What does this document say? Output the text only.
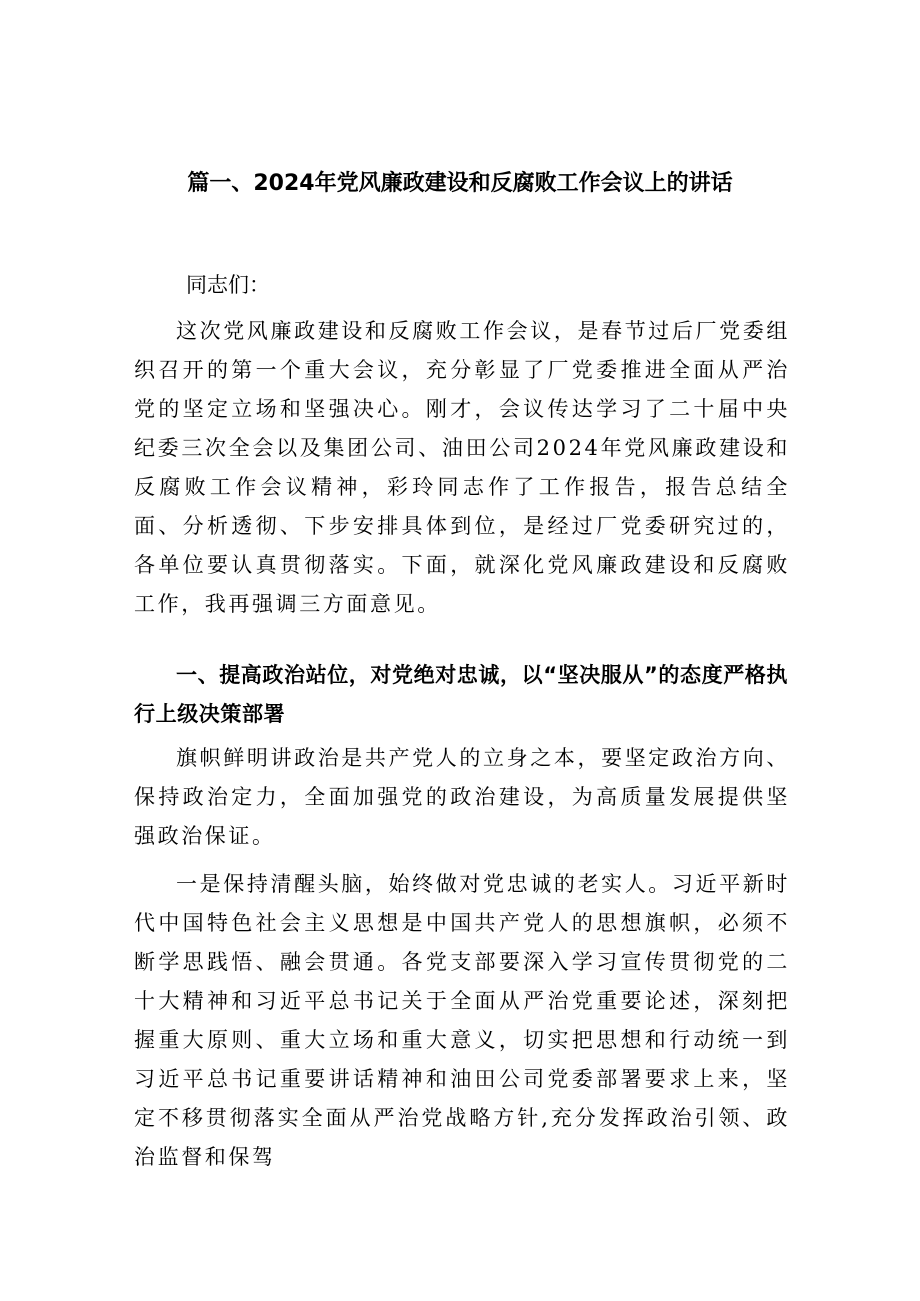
篇一、2024年党风廉政建设和反腐败工作会议上的讲话
同志们：
这次党风廉政建设和反腐败工作会议，是春节过后厂党委组织召开的第一个重大会议，充分彰显了厂党委推进全面从严治党的坚定立场和坚强决心。刚才，会议传达学习了二十届中央纪委三次全会以及集团公司、油田公司2024年党风廉政建设和反腐败工作会议精神，彩玲同志作了工作报告，报告总结全面、分析透彻、下步安排具体到位，是经过厂党委研究过的，各单位要认真贯彻落实。下面，就深化党风廉政建设和反腐败工作，我再强调三方面意见。
一、提高政治站位，对党绝对忠诚，以“坚决服从”的态度严格执行上级决策部署
旗帜鲜明讲政治是共产党人的立身之本，要坚定政治方向、保持政治定力，全面加强党的政治建设，为高质量发展提供坚强政治保证。
一是保持清醒头脑，始终做对党忠诚的老实人。习近平新时代中国特色社会主义思想是中国共产党人的思想旗帜，必须不断学思践悟、融会贯通。各党支部要深入学习宣传贯彻党的二十大精神和习近平总书记关于全面从严治党重要论述，深刻把握重大原则、重大立场和重大意义，切实把思想和行动统一到习近平总书记重要讲话精神和油田公司党委部署要求上来，坚定不移贯彻落实全面从严治党战略方针,充分发挥政治引领、政治监督和保驾
